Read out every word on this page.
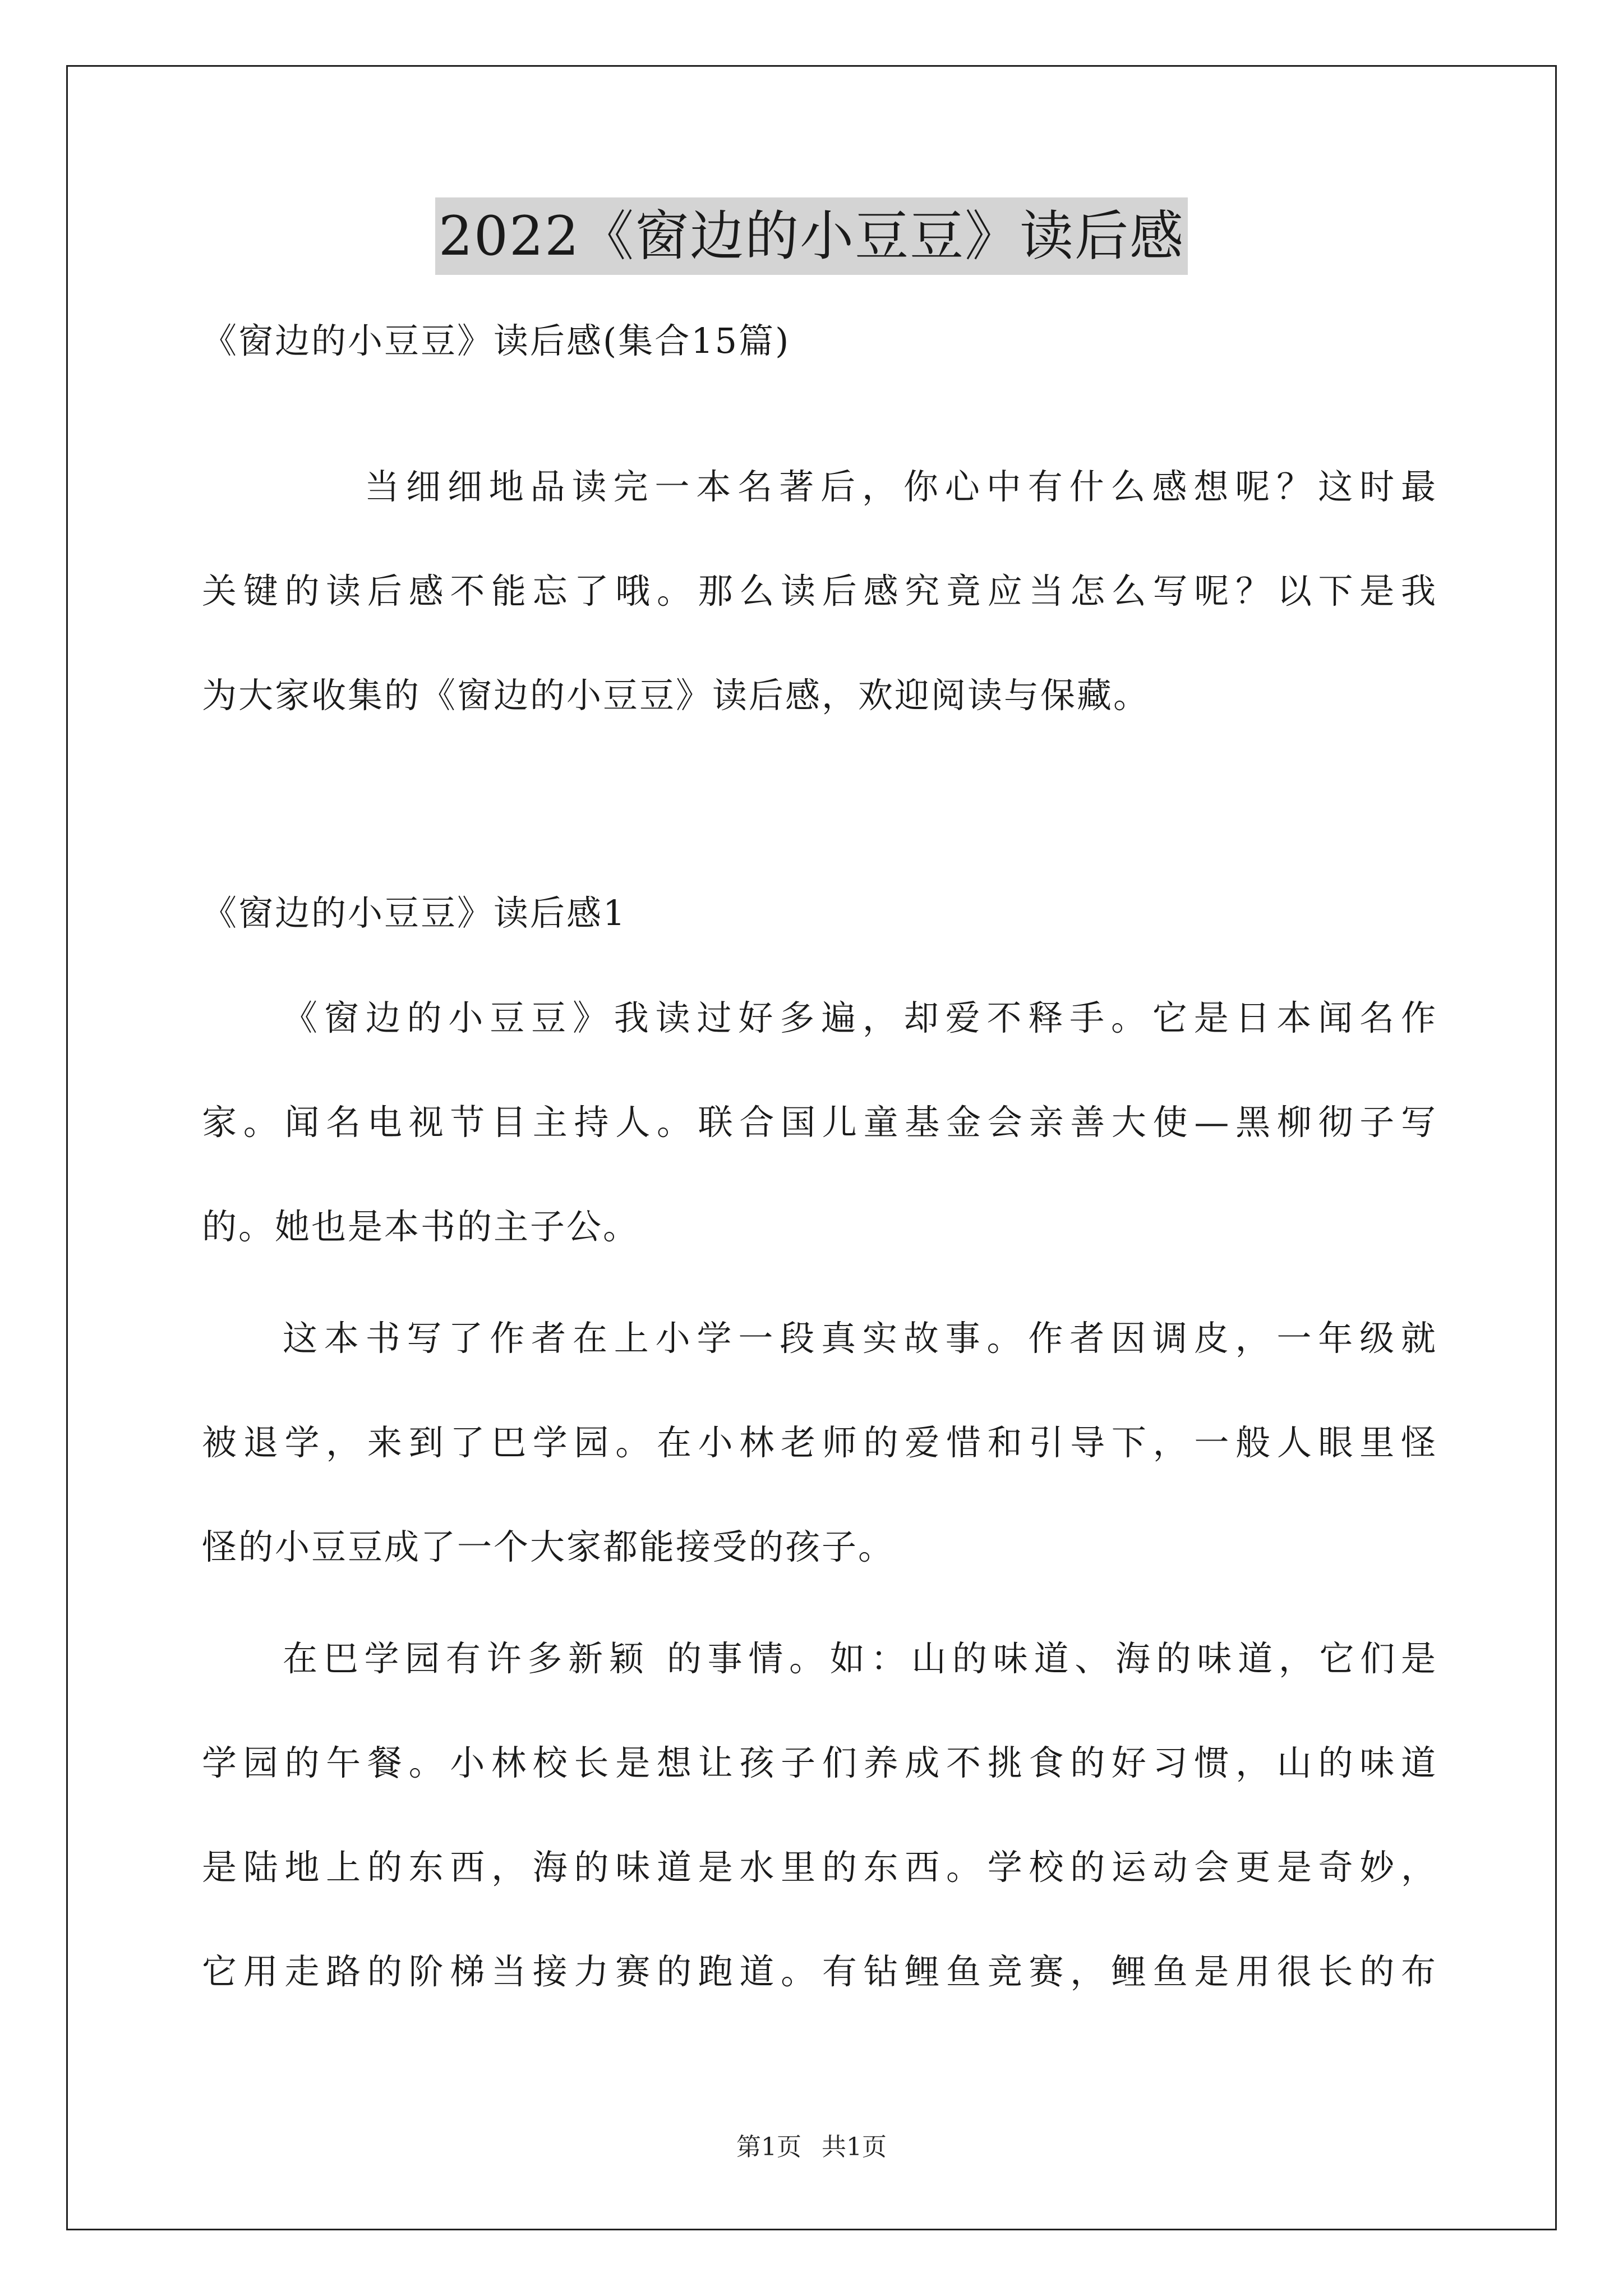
2022《窗边的小豆豆》读后感
《窗边的小豆豆》读后感(集合15篇)
当细细地品读完一本名著后，你心中有什么感想呢？这时最
关键的读后感不能忘了哦。那么读后感究竟应当怎么写呢？以下是我
为大家收集的《窗边的小豆豆》读后感，欢迎阅读与保藏。
《窗边的小豆豆》读后感1
《窗边的小豆豆》我读过好多遍，却爱不释手。它是日本闻名作
家。闻名电视节目主持人。联合国儿童基金会亲善大使—黑柳彻子写
的。她也是本书的主子公。
这本书写了作者在上小学一段真实故事。作者因调皮，一年级就
被退学，来到了巴学园。在小林老师的爱惜和引导下，一般人眼里怪
怪的小豆豆成了一个大家都能接受的孩子。
在巴学园有许多新颖 的事情。如：山的味道、海的味道，它们是
学园的午餐。小林校长是想让孩子们养成不挑食的好习惯，山的味道
是陆地上的东西，海的味道是水里的东西。学校的运动会更是奇妙，
它用走路的阶梯当接力赛的跑道。有钻鲤鱼竞赛，鲤鱼是用很长的布
第1页 共1页
